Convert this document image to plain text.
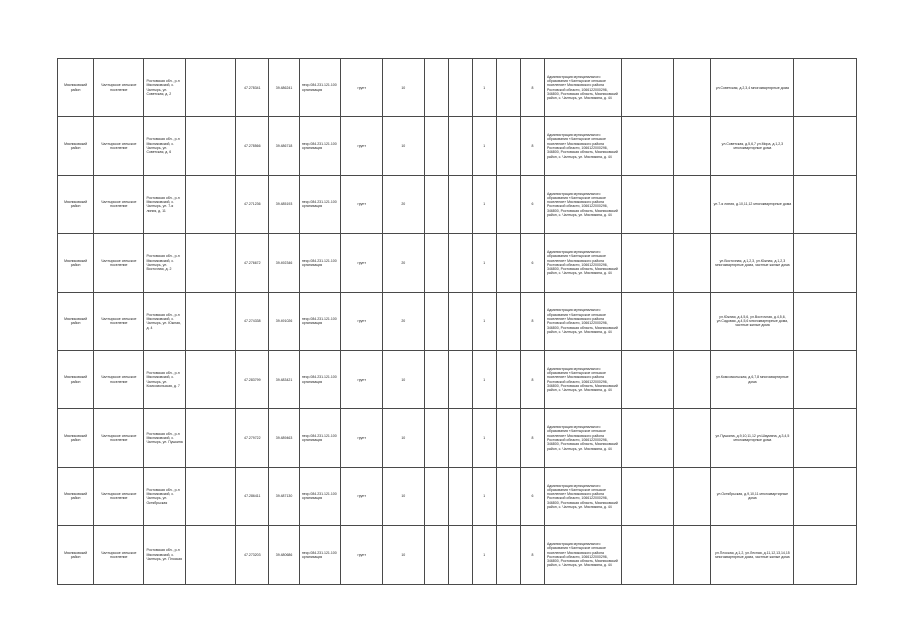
Мясниковский район	Чалтырское сельское поселение	Ростовская обл., р-н Мясниковский, с. Чалтырь, ул. Советская, д. 2		47.278341	39.486241	неср.084.231.121.100 организация	грунт	10			1		8	Администрация муниципального образования «Чалтырское сельское поселение» Мясниковского района Ростовской области, 1066122000296, 346800, Ростовская область, Мясниковский район, с. Чалтырь, ул. Мясникяна, д. 44			ул.Советская, д.2,3,4 многоквартирные дома	
Мясниковский район	Чалтырское сельское поселение	Ростовская обл., р-н Мясниковский, с. Чалтырь, ул. Советская, д. 6		47.278566	39.486718	неср.084.231.121.100 организация	грунт	10			1		8	Администрация муниципального образования «Чалтырское сельское поселение» Мясниковского района Ростовской области, 1066122000296, 346800, Ростовская область, Мясниковский район, с. Чалтырь, ул. Мясникяна, д. 44			ул.Советская, д.5,6,7 ул.Мира, д.1,2,3 многоквартирные дома	
Мясниковский район	Чалтырское сельское поселение	Ростовская обл., р-н Мясниковский, с. Чалтырь, ул. 7-я линия, д. 11		47.271236	39.485193	неср.084.231.121.100 организация	грунт	20			1		6	Администрация муниципального образования «Чалтырское сельское поселение» Мясниковского района Ростовской области, 1066122000296, 346800, Ростовская область, Мясниковский район, с. Чалтырь, ул. Мясникяна, д. 44			ул.7-я линия, д.10,11,12 многоквартирные дома	
Мясниковский район	Чалтырское сельское поселение	Ростовская обл., р-н Мясниковский, с. Чалтырь, ул. Восточная, д. 2		47.276672	39.492346	неср.084.231.121.100 организация	грунт	20			1		6	Администрация муниципального образования «Чалтырское сельское поселение» Мясниковского района Ростовской области, 1066122000296, 346800, Ростовская область, Мясниковский район, с. Чалтырь, ул. Мясникяна, д. 44			ул.Восточная, д.1,2,3, ул.Южная, д.1,2,3 многоквартирные дома, частные жилые дома	
Мясниковский район	Чалтырское сельское поселение	Ростовская обл., р-н Мясниковский, с. Чалтырь, ул. Южная, д. 4		47.274338	39.491026	неср.084.231.121.100 организация	грунт	20			1		8	Администрация муниципального образования «Чалтырское сельское поселение» Мясниковского района Ростовской области, 1066122000296, 346800, Ростовская область, Мясниковский район, с. Чалтырь, ул. Мясникяна, д. 44			ул.Южная, д.4,5,6, ул.Восточная, д.4,5,6, ул.Садовая, д.4,5,6 многоквартирные дома, частные жилые дома	
Мясниковский район	Чалтырское сельское поселение	Ростовская обл., р-н Мясниковский, с. Чалтырь, ул. Комсомольская, д. 7		47.283799	39.483421	неср.084.231.121.100 организация	грунт	10			1		8	Администрация муниципального образования «Чалтырское сельское поселение» Мясниковского района Ростовской области, 1066122000296, 346800, Ростовская область, Мясниковский район, с. Чалтырь, ул. Мясникяна, д. 44			ул.Комсомольская, д.6,7,8 многоквартирные дома	
Мясниковский район	Чалтырское сельское поселение	Ростовская обл., р-н Мясниковский, с. Чалтырь, ул. Пушкина		47.279722	39.489463	неср.084.231.121.100 организация	грунт	10			1		8	Администрация муниципального образования «Чалтырское сельское поселение» Мясниковского района Ростовской области, 1066122000296, 346800, Ростовская область, Мясниковский район, с. Чалтырь, ул. Мясникяна, д. 44			ул.Пушкина, д.9,10,11,12 ул.Шаумяна, д.3,4,5 многоквартирные дома	
Мясниковский район	Чалтырское сельское поселение	Ростовская обл., р-н Мясниковский, с. Чалтырь, ул. Октябрьская		47.286411	39.487130	неср.084.231.121.100 организация	грунт	10			1		6	Администрация муниципального образования «Чалтырское сельское поселение» Мясниковского района Ростовской области, 1066122000296, 346800, Ростовская область, Мясниковский район, с. Чалтырь, ул. Мясникяна, д. 44			ул.Октябрьская, д.9,10,11 многоквартирные дома	
Мясниковский район	Чалтырское сельское поселение	Ростовская обл., р-н Мясниковский, с. Чалтырь, ул. Плоская		47.273203	39.480686	неср.084.231.121.100 организация	грунт	10			1		8	Администрация муниципального образования «Чалтырское сельское поселение» Мясниковского района Ростовской области, 1066122000296, 346800, Ростовская область, Мясниковский район, с. Чалтырь, ул. Мясникяна, д. 44			ул.Плоская, д.1,2, ул.Лесная, д.11,12,13,14,15 многоквартирные дома, частные жилые дома	
